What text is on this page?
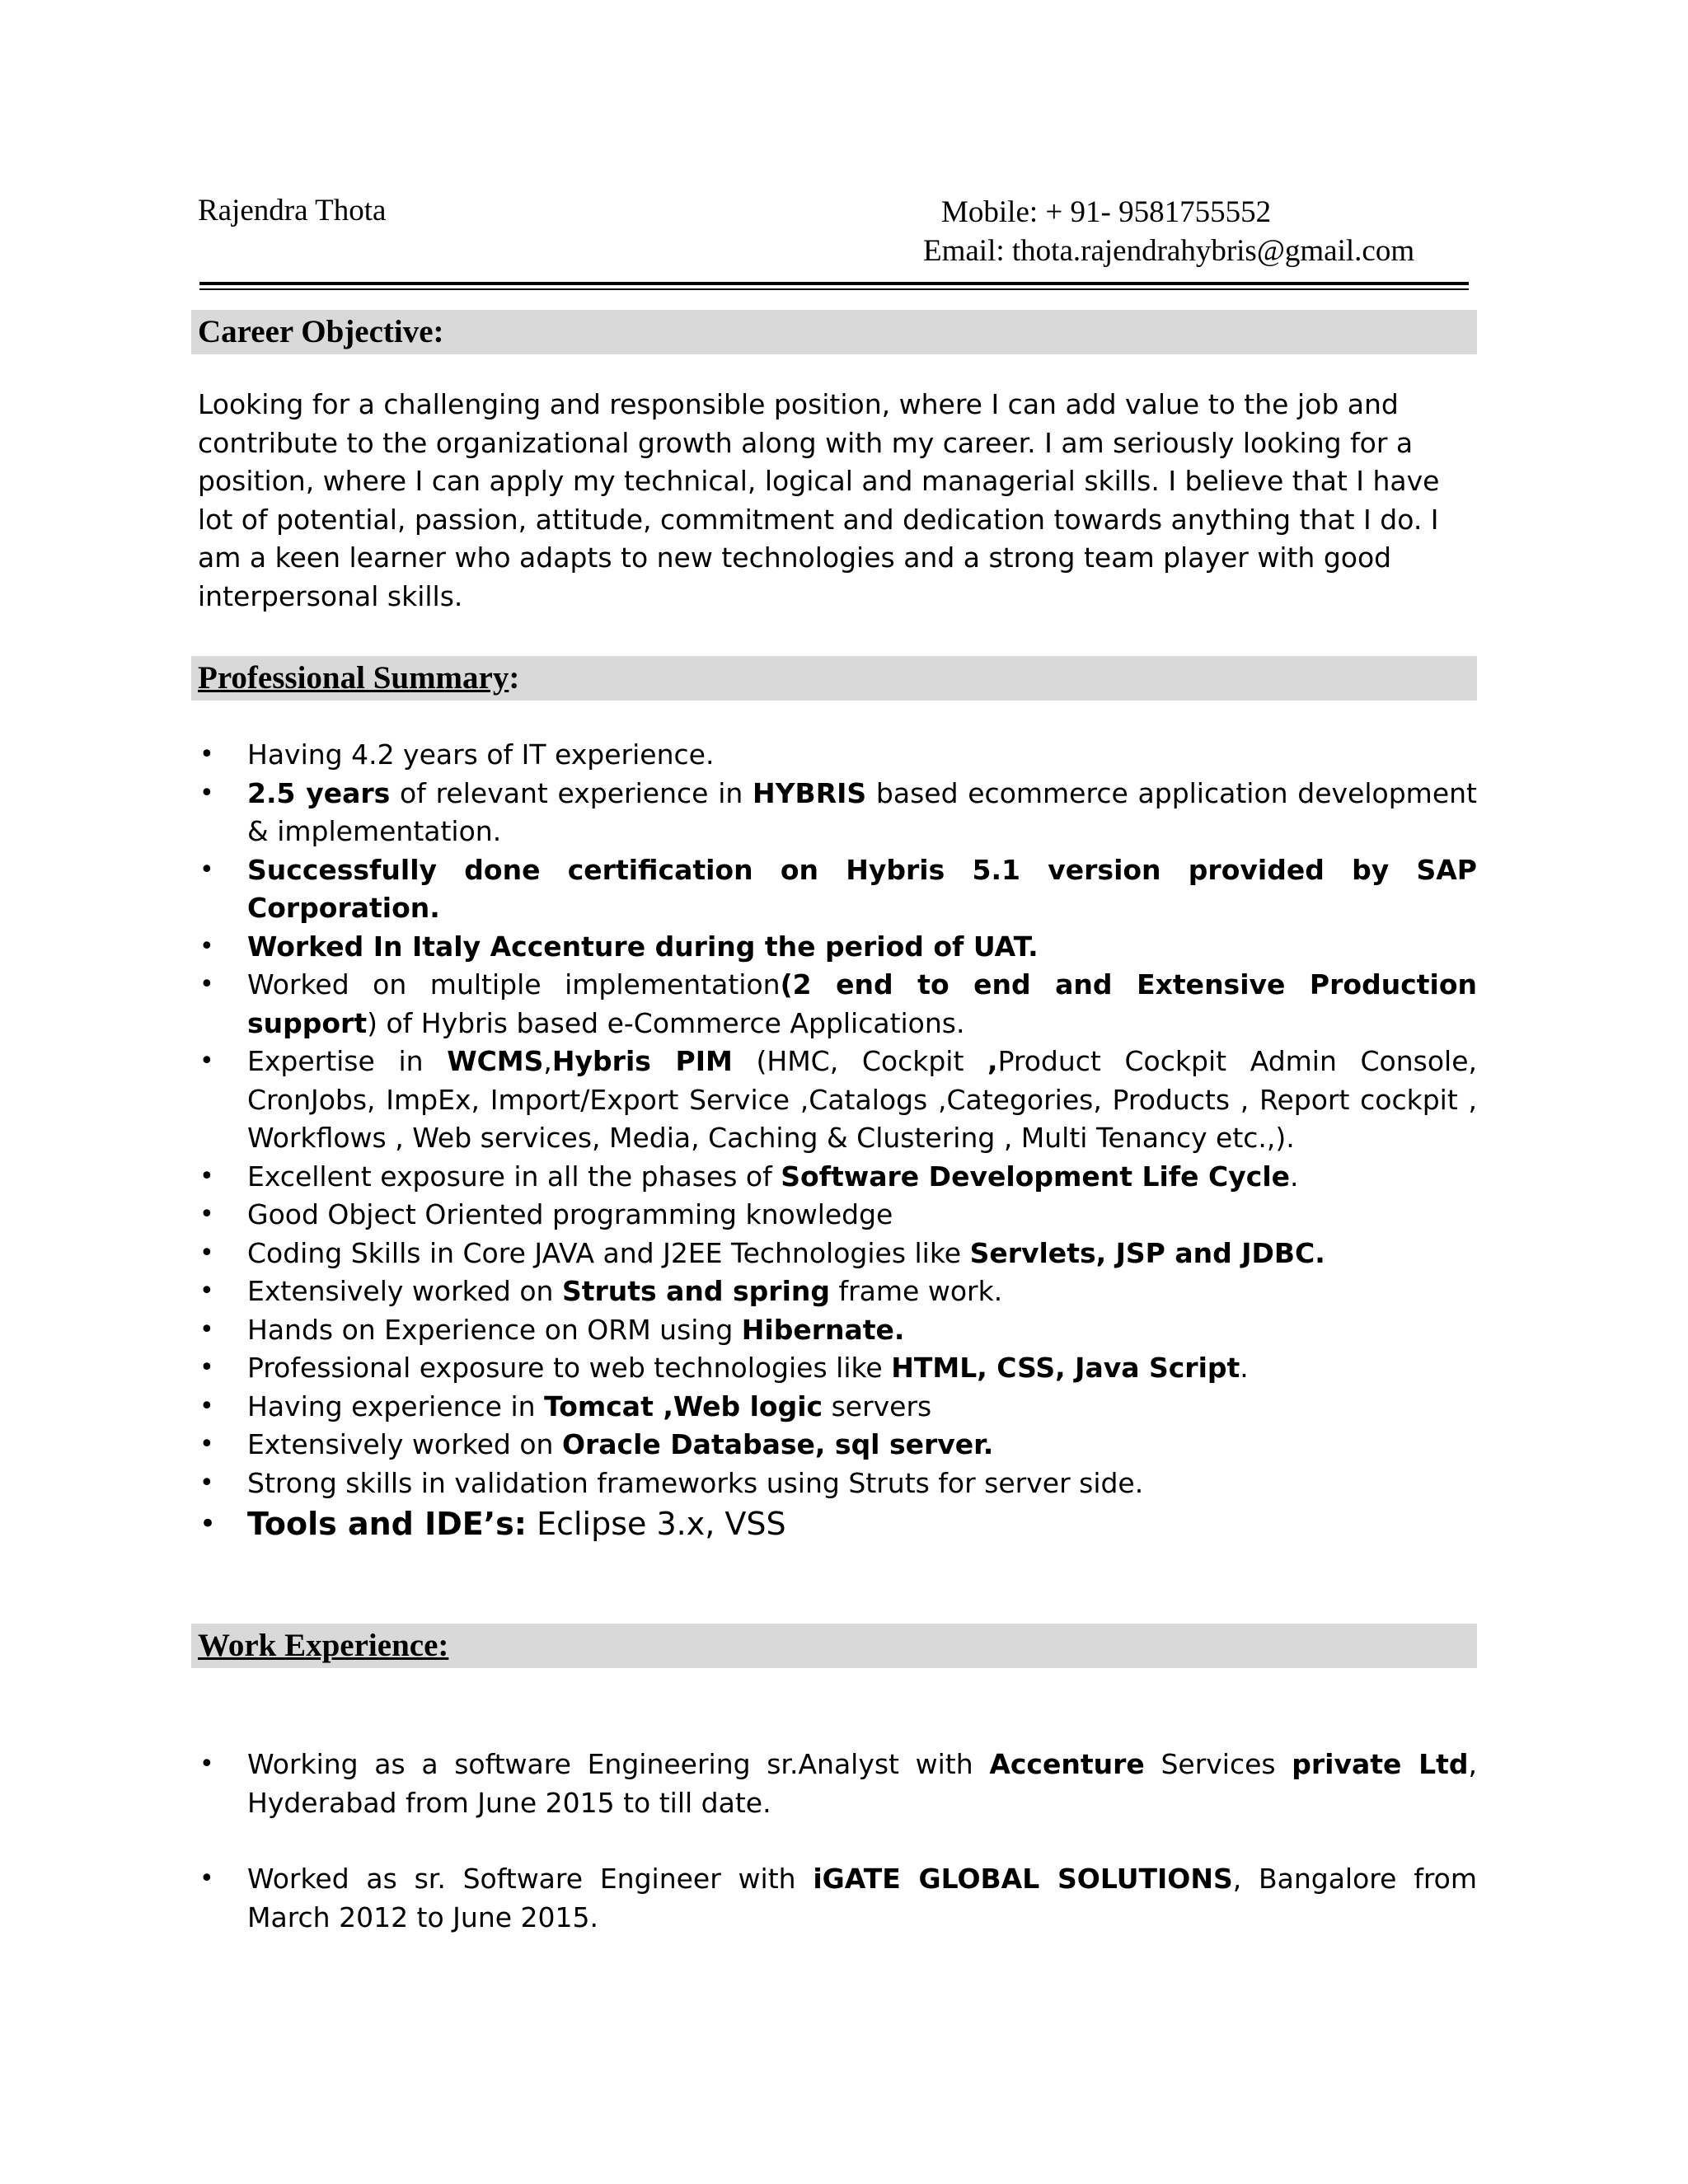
Rajendra Thota	Mobile: + 91- 9581755552
Email: thota.rajendrahybris@gmail.com
Career Objective:
Looking for a challenging and responsible position, where I can add value to the job and
contribute to the organizational growth along with my career. I am seriously looking for a
position, where I can apply my technical, logical and managerial skills. I believe that I have
lot of potential, passion, attitude, commitment and dedication towards anything that I do. I
am a keen learner who adapts to new technologies and a strong team player with good
interpersonal skills.
Professional Summary:
• Having 4.2 years of IT experience.
• 2.5 years of relevant experience in HYBRIS based ecommerce application development & implementation.
• Successfully done certification on Hybris 5.1 version provided by SAP Corporation.
• Worked In Italy Accenture during the period of UAT.
• Worked on multiple implementation(2 end to end and Extensive Production support) of Hybris based e-Commerce Applications.
• Expertise in WCMS,Hybris PIM (HMC, Cockpit ,Product Cockpit Admin Console, CronJobs, ImpEx, Import/Export Service ,Catalogs ,Categories, Products , Report cockpit , Workflows , Web services, Media, Caching & Clustering , Multi Tenancy etc.,).
• Excellent exposure in all the phases of Software Development Life Cycle.
• Good Object Oriented programming knowledge
• Coding Skills in Core JAVA and J2EE Technologies like Servlets, JSP and JDBC.
• Extensively worked on Struts and spring frame work.
• Hands on Experience on ORM using Hibernate.
• Professional exposure to web technologies like HTML, CSS, Java Script.
• Having experience in Tomcat ,Web logic servers
• Extensively worked on Oracle Database, sql server.
• Strong skills in validation frameworks using Struts for server side.
• Tools and IDE’s: Eclipse 3.x, VSS
Work Experience:
• Working as a software Engineering sr.Analyst with Accenture Services private Ltd, Hyderabad from June 2015 to till date.
• Worked as sr. Software Engineer with iGATE GLOBAL SOLUTIONS, Bangalore from March 2012 to June 2015.
